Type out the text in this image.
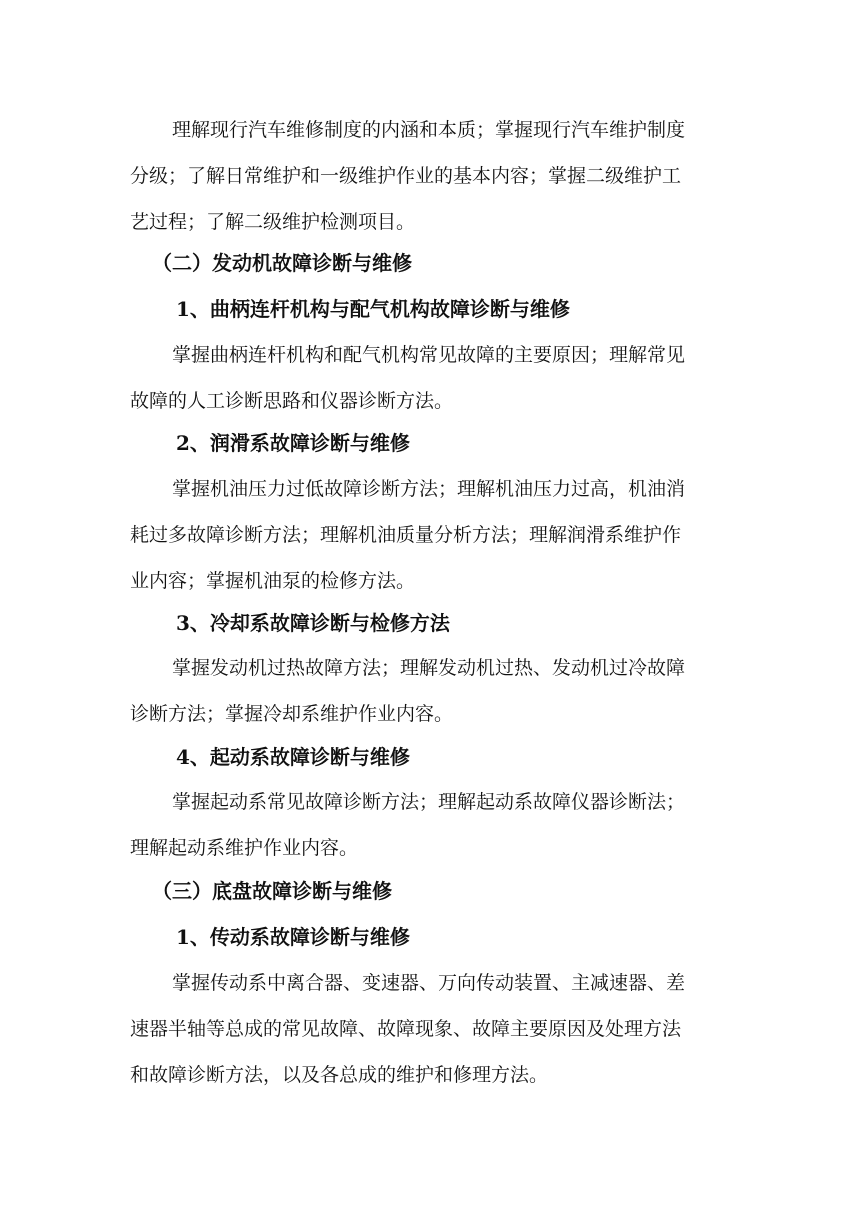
理解现行汽车维修制度的内涵和本质；掌握现行汽车维护制度
分级；了解日常维护和一级维护作业的基本内容；掌握二级维护工
艺过程；了解二级维护检测项目。
（二）发动机故障诊断与维修
1、曲柄连杆机构与配气机构故障诊断与维修
掌握曲柄连杆机构和配气机构常见故障的主要原因；理解常见
故障的人工诊断思路和仪器诊断方法。
2、润滑系故障诊断与维修
掌握机油压力过低故障诊断方法；理解机油压力过高，机油消
耗过多故障诊断方法；理解机油质量分析方法；理解润滑系维护作
业内容；掌握机油泵的检修方法。
3、冷却系故障诊断与检修方法
掌握发动机过热故障方法；理解发动机过热、发动机过冷故障
诊断方法；掌握冷却系维护作业内容。
4、起动系故障诊断与维修
掌握起动系常见故障诊断方法；理解起动系故障仪器诊断法；
理解起动系维护作业内容。
（三）底盘故障诊断与维修
1、传动系故障诊断与维修
掌握传动系中离合器、变速器、万向传动装置、主减速器、差
速器半轴等总成的常见故障、故障现象、故障主要原因及处理方法
和故障诊断方法，以及各总成的维护和修理方法。
